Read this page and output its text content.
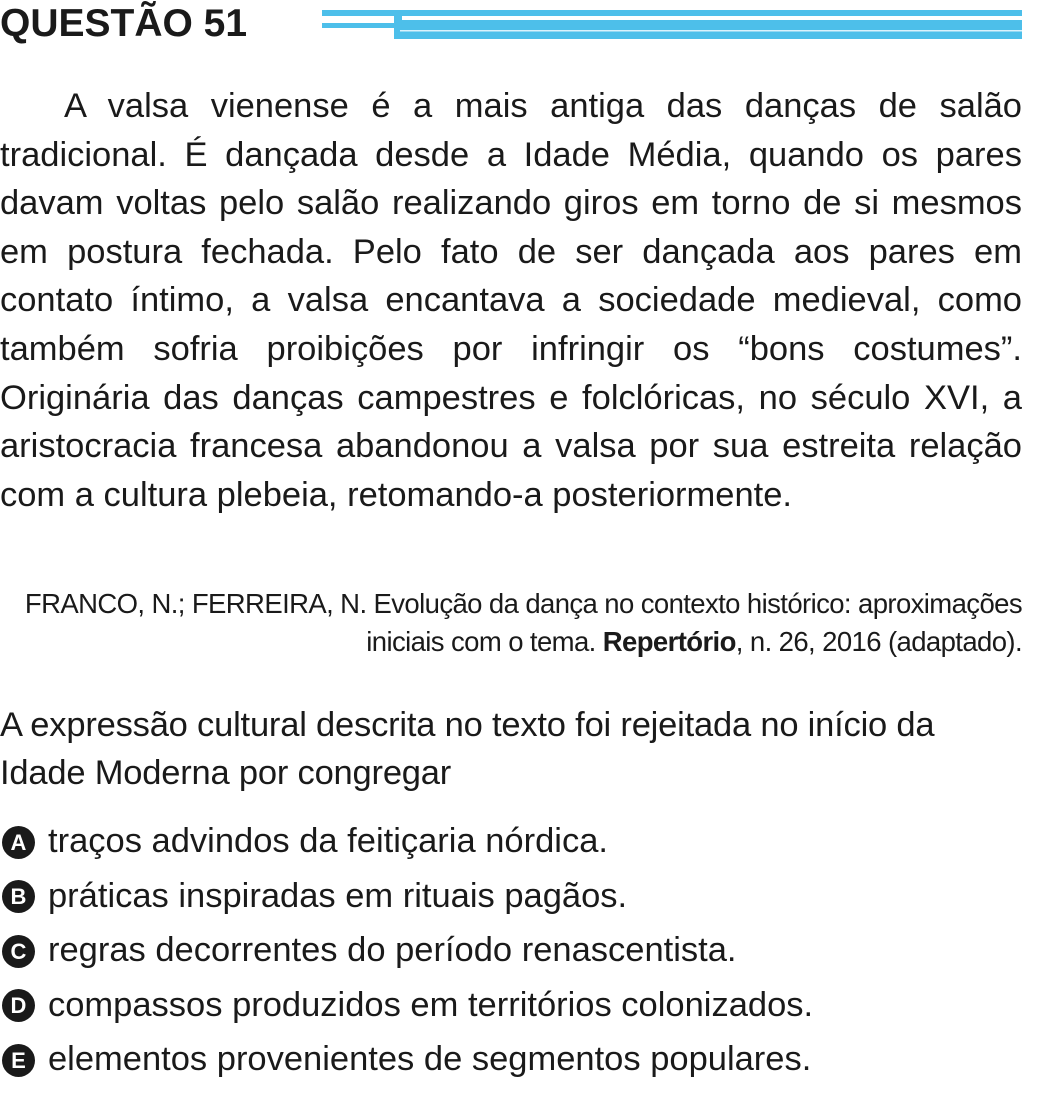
QUESTÃO 51

A valsa vienense é a mais antiga das danças de salão tradicional. É dançada desde a Idade Média, quando os pares davam voltas pelo salão realizando giros em torno de si mesmos em postura fechada. Pelo fato de ser dançada aos pares em contato íntimo, a valsa encantava a sociedade medieval, como também sofria proibições por infringir os “bons costumes”. Originária das danças campestres e folclóricas, no século XVI, a aristocracia francesa abandonou a valsa por sua estreita relação com a cultura plebeia, retomando-a posteriormente.

FRANCO, N.; FERREIRA, N. Evolução da dança no contexto histórico: aproximações iniciais com o tema. Repertório, n. 26, 2016 (adaptado).

A expressão cultural descrita no texto foi rejeitada no início da Idade Moderna por congregar

A traços advindos da feitiçaria nórdica.
B práticas inspiradas em rituais pagãos.
C regras decorrentes do período renascentista.
D compassos produzidos em territórios colonizados.
E elementos provenientes de segmentos populares.
